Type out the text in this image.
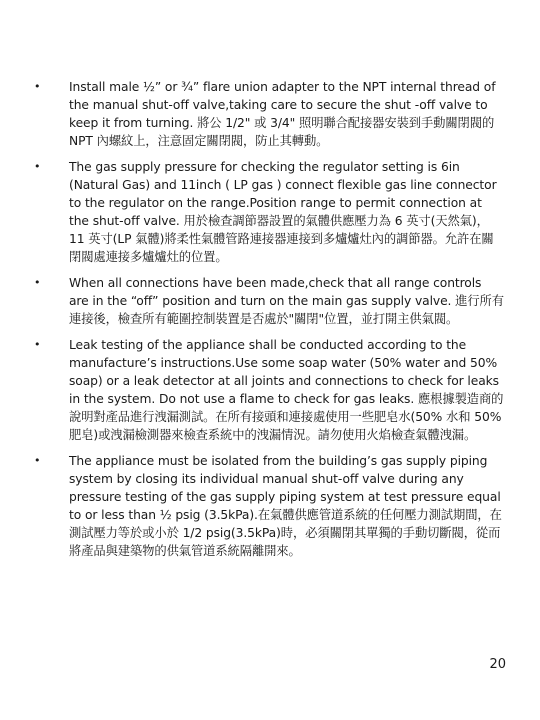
• Install male ½” or ¾” flare union adapter to the NPT internal thread of the manual shut-off valve,taking care to secure the shut -off valve to keep it from turning. 將公 1/2" 或 3/4" 照明聯合配接器安裝到手動關閉閥的 NPT 內螺紋上，注意固定關閉閥，防止其轉動。
• The gas supply pressure for checking the regulator setting is 6in (Natural Gas) and 11inch ( LP gas ) connect flexible gas line connector to the regulator on the range.Position range to permit connection at the shut-off valve. 用於檢查調節器設置的氣體供應壓力為 6 英寸(天然氣)，11 英寸(LP 氣體)將柔性氣體管路連接器連接到多爐爐灶內的調節器。允許在關閉閥處連接多爐爐灶的位置。
• When all connections have been made,check that all range controls are in the “off” position and turn on the main gas supply valve. 進行所有連接後，檢查所有範圍控制裝置是否處於"關閉"位置，並打開主供氣閥。
• Leak testing of the appliance shall be conducted according to the manufacture’s instructions.Use some soap water (50% water and 50% soap) or a leak detector at all joints and connections to check for leaks in the system. Do not use a flame to check for gas leaks. 應根據製造商的說明對產品進行洩漏測試。在所有接頭和連接處使用一些肥皂水(50% 水和 50% 肥皂)或洩漏檢測器來檢查系統中的洩漏情況。請勿使用火焰檢查氣體洩漏。
• The appliance must be isolated from the building’s gas supply piping system by closing its individual manual shut-off valve during any pressure testing of the gas supply piping system at test pressure equal to or less than ½ psig (3.5kPa).在氣體供應管道系統的任何壓力測試期間，在測試壓力等於或小於 1/2 psig(3.5kPa)時，必須關閉其單獨的手動切斷閥，從而將產品與建築物的供氣管道系統隔離開來。
20
